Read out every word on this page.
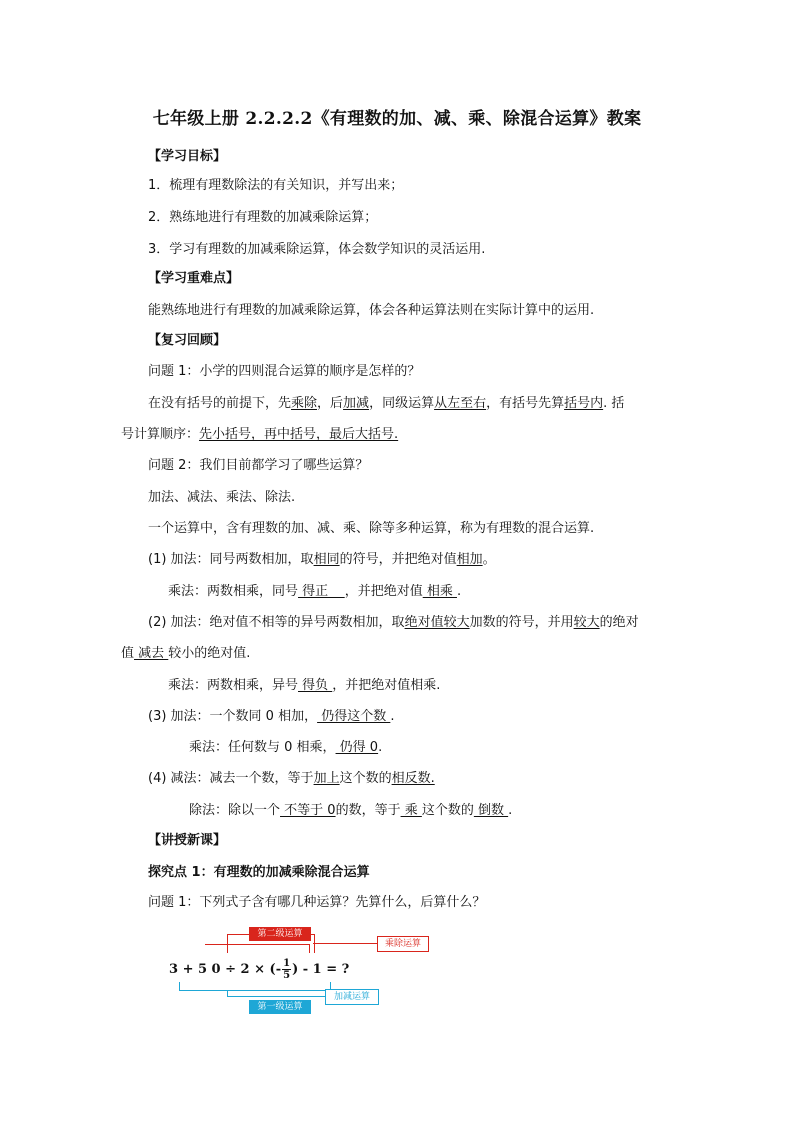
七年级上册 2.2.2.2《有理数的加、减、乘、除混合运算》教案
【学习目标】
1．梳理有理数除法的有关知识，并写出来；
2．熟练地进行有理数的加减乘除运算；
3．学习有理数的加减乘除运算，体会数学知识的灵活运用.
【学习重难点】
能熟练地进行有理数的加减乘除运算，体会各种运算法则在实际计算中的运用.
【复习回顾】
问题 1：小学的四则混合运算的顺序是怎样的？
在没有括号的前提下，先乘除，后加减，同级运算从左至右，有括号先算括号内. 括
号计算顺序：先小括号，再中括号，最后大括号.
问题 2：我们目前都学习了哪些运算？
加法、减法、乘法、除法.
一个运算中，含有理数的加、减、乘、除等多种运算，称为有理数的混合运算.
(1) 加法：同号两数相加，取相同的符号，并把绝对值相加。
乘法：两数相乘，同号 得正    ，并把绝对值 相乘 .
(2) 加法：绝对值不相等的异号两数相加，取绝对值较大加数的符号，并用较大的绝对
值 减去 较小的绝对值.
乘法：两数相乘，异号 得负 ，并把绝对值相乘.
(3) 加法：一个数同 0 相加， 仍得这个数 .
乘法：任何数与 0 相乘， 仍得 0.
(4) 减法：减去一个数，等于加上这个数的相反数.
除法：除以一个 不等于 0的数，等于 乘 这个数的 倒数 .
【讲授新课】
探究点 1：有理数的加减乘除混合运算
问题 1：下列式子含有哪几种运算？先算什么，后算什么？
第二级运算
乘除运算
3 + 5 0 ÷ 2 × (- $\frac{1}{5}$ ) - 1 = ?
加减运算
第一级运算
